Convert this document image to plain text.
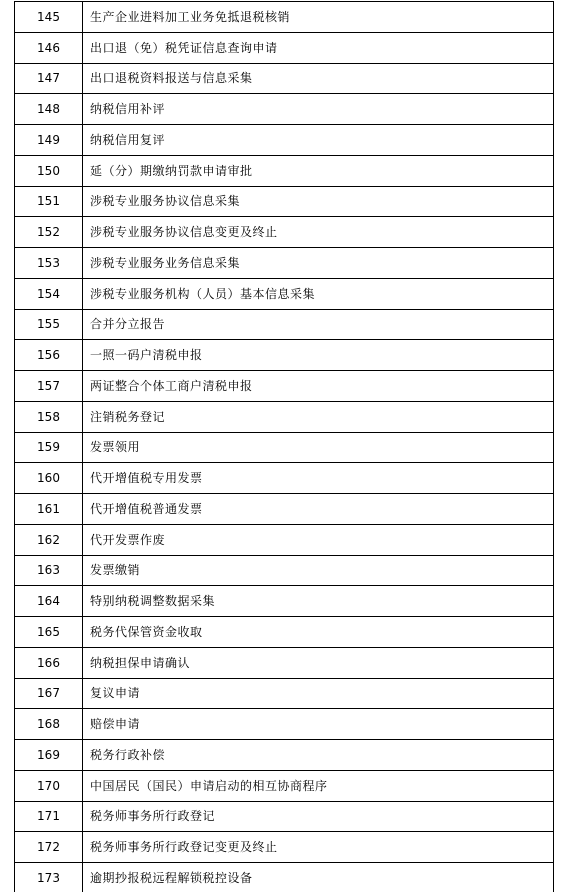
145	生产企业进料加工业务免抵退税核销
146	出口退（免）税凭证信息查询申请
147	出口退税资料报送与信息采集
148	纳税信用补评
149	纳税信用复评
150	延（分）期缴纳罚款申请审批
151	涉税专业服务协议信息采集
152	涉税专业服务协议信息变更及终止
153	涉税专业服务业务信息采集
154	涉税专业服务机构（人员）基本信息采集
155	合并分立报告
156	一照一码户清税申报
157	两证整合个体工商户清税申报
158	注销税务登记
159	发票领用
160	代开增值税专用发票
161	代开增值税普通发票
162	代开发票作废
163	发票缴销
164	特别纳税调整数据采集
165	税务代保管资金收取
166	纳税担保申请确认
167	复议申请
168	赔偿申请
169	税务行政补偿
170	中国居民（国民）申请启动的相互协商程序
171	税务师事务所行政登记
172	税务师事务所行政登记变更及终止
173	逾期抄报税远程解锁税控设备
